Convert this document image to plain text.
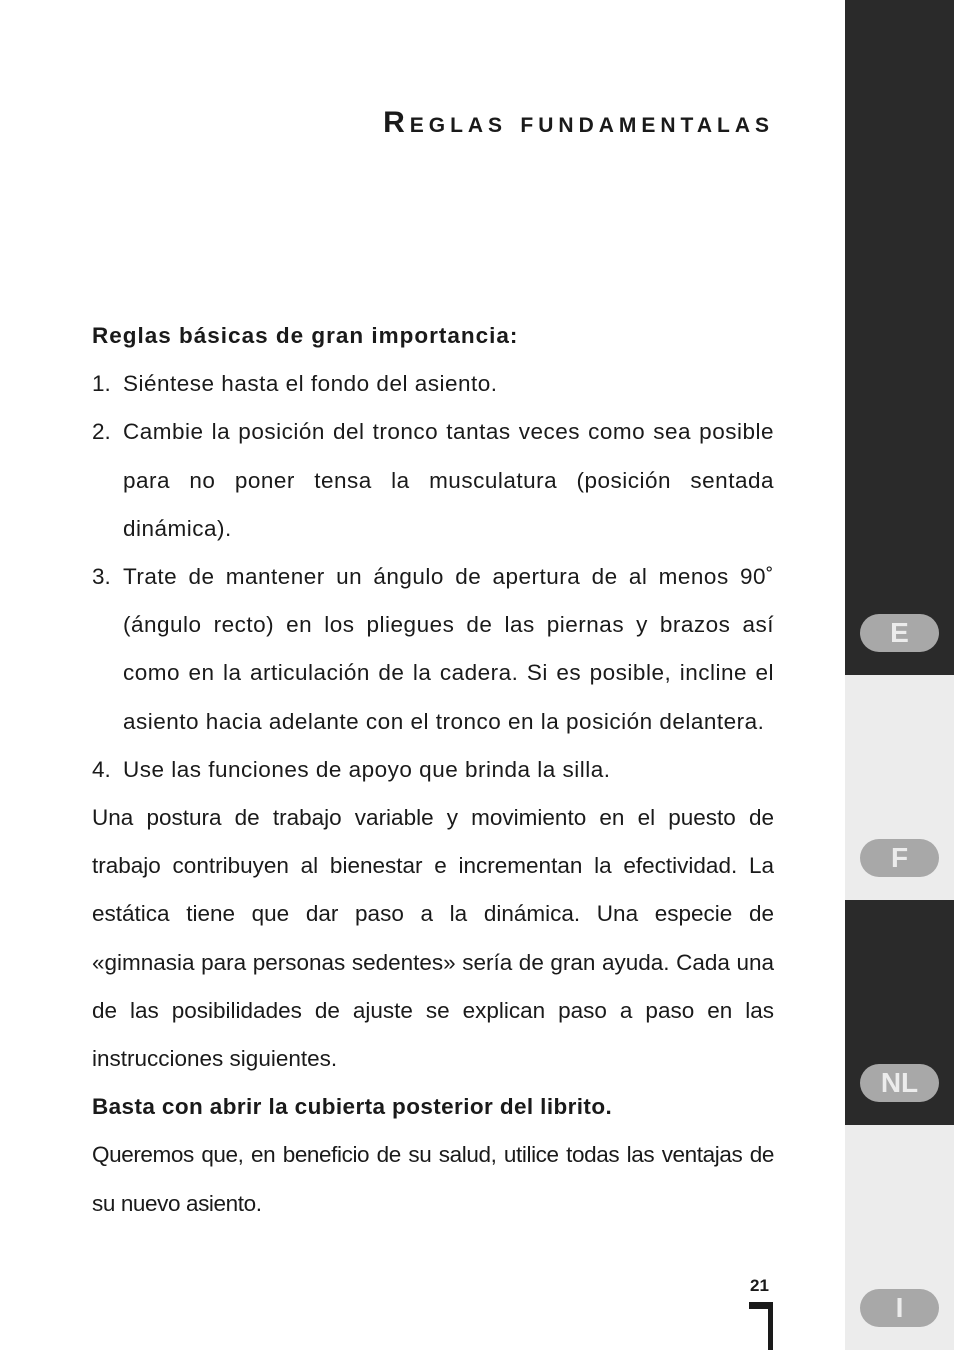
Reglas fundamentalas

Reglas básicas de gran importancia:

1. Siéntese hasta el fondo del asiento.
2. Cambie la posición del tronco tantas veces como sea posible para no poner tensa la musculatura (posición sentada dinámica).
3. Trate de mantener un ángulo de apertura de al menos 90˚ (ángulo recto) en los pliegues de las piernas y brazos así como en la articulación de la cadera. Si es posible, incline el asiento hacia adelante con el tronco en la posición delantera.
4. Use las funciones de apoyo que brinda la silla.

Una postura de trabajo variable y movimiento en el puesto de trabajo contribuyen al bienestar e incrementan la efectividad. La estática tiene que dar paso a la dinámica. Una especie de «gimnasia para personas sedentes» sería de gran ayuda. Cada una de las posibilidades de ajuste se explican paso a paso en las instrucciones siguientes.

Basta con abrir la cubierta posterior del librito.

Queremos que, en beneficio de su salud, utilice todas las ventajas de su nuevo asiento.

21
E
F
NL
I
